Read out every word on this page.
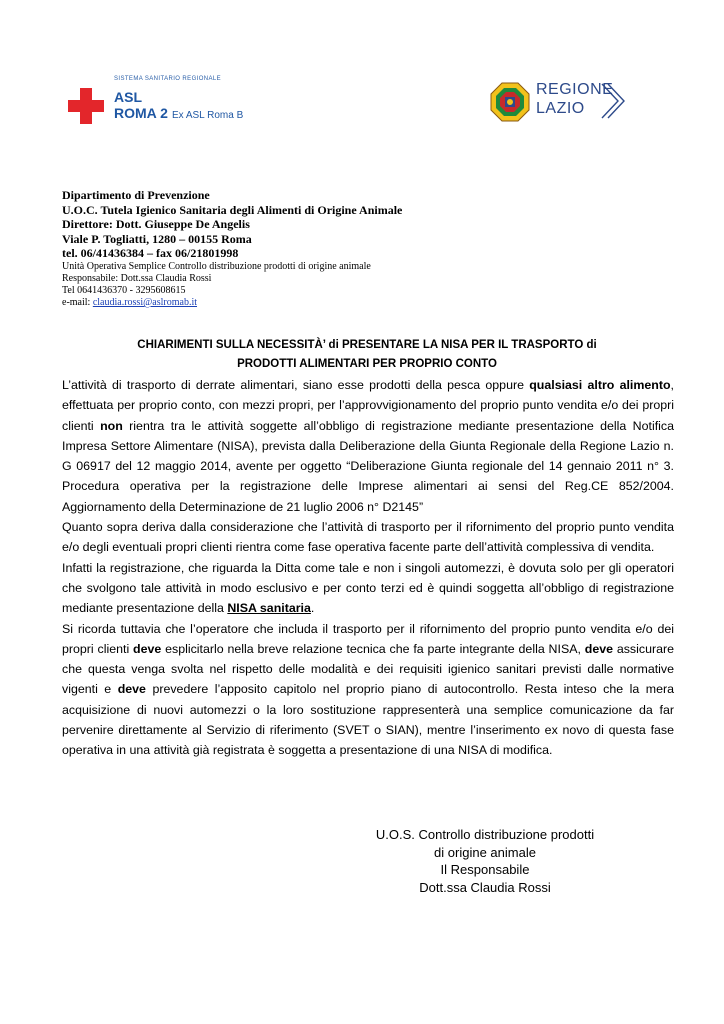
SISTEMA SANITARIO REGIONALE
ASL
ROMA 2 Ex ASL Roma B
REGIONE
LAZIO
Dipartimento di Prevenzione
U.O.C. Tutela Igienico Sanitaria degli Alimenti di Origine Animale
Direttore: Dott. Giuseppe De Angelis
Viale P. Togliatti, 1280 – 00155 Roma
tel. 06/41436384 – fax 06/21801998
Unità Operativa Semplice Controllo distribuzione prodotti di origine animale
Responsabile: Dott.ssa Claudia Rossi
Tel 0641436370 - 3295608615
e-mail: claudia.rossi@aslromab.it
CHIARIMENTI SULLA NECESSITÀ’ di PRESENTARE LA NISA PER IL TRASPORTO di
PRODOTTI ALIMENTARI PER PROPRIO CONTO

L’attività di trasporto di derrate alimentari, siano esse prodotti della pesca oppure qualsiasi altro alimento, effettuata per proprio conto, con mezzi propri, per l’approvvigionamento del proprio punto vendita e/o dei propri clienti non rientra tra le attività soggette all’obbligo di registrazione mediante presentazione della Notifica Impresa Settore Alimentare (NISA), prevista dalla Deliberazione della Giunta Regionale della Regione Lazio n. G 06917 del 12 maggio 2014, avente per oggetto “Deliberazione Giunta regionale del 14 gennaio 2011 n° 3. Procedura operativa per la registrazione delle Imprese alimentari ai sensi del Reg.CE 852/2004. Aggiornamento della Determinazione de 21 luglio 2006 n° D2145”

Quanto sopra deriva dalla considerazione che l’attività di trasporto per il rifornimento del proprio punto vendita e/o degli eventuali propri clienti rientra come fase operativa facente parte dell’attività complessiva di vendita.

Infatti la registrazione, che riguarda la Ditta come tale e non i singoli automezzi, è dovuta solo per gli operatori che svolgono tale attività in modo esclusivo e per conto terzi ed è quindi soggetta all’obbligo di registrazione mediante presentazione della NISA sanitaria.

Si ricorda tuttavia che l’operatore che includa il trasporto per il rifornimento del proprio punto vendita e/o dei propri clienti deve esplicitarlo nella breve relazione tecnica che fa parte integrante della NISA, deve assicurare che questa venga svolta nel rispetto delle modalità e dei requisiti igienico sanitari previsti dalle normative vigenti e deve prevedere l’apposito capitolo nel proprio piano di autocontrollo. Resta inteso che la mera acquisizione di nuovi automezzi o la loro sostituzione rappresenterà una semplice comunicazione da far pervenire direttamente al Servizio di riferimento (SVET o SIAN), mentre l’inserimento ex novo di questa fase operativa in una attività già registrata è soggetta a presentazione di una NISA di modifica.

U.O.S. Controllo distribuzione prodotti
di origine animale
Il Responsabile
Dott.ssa Claudia Rossi
